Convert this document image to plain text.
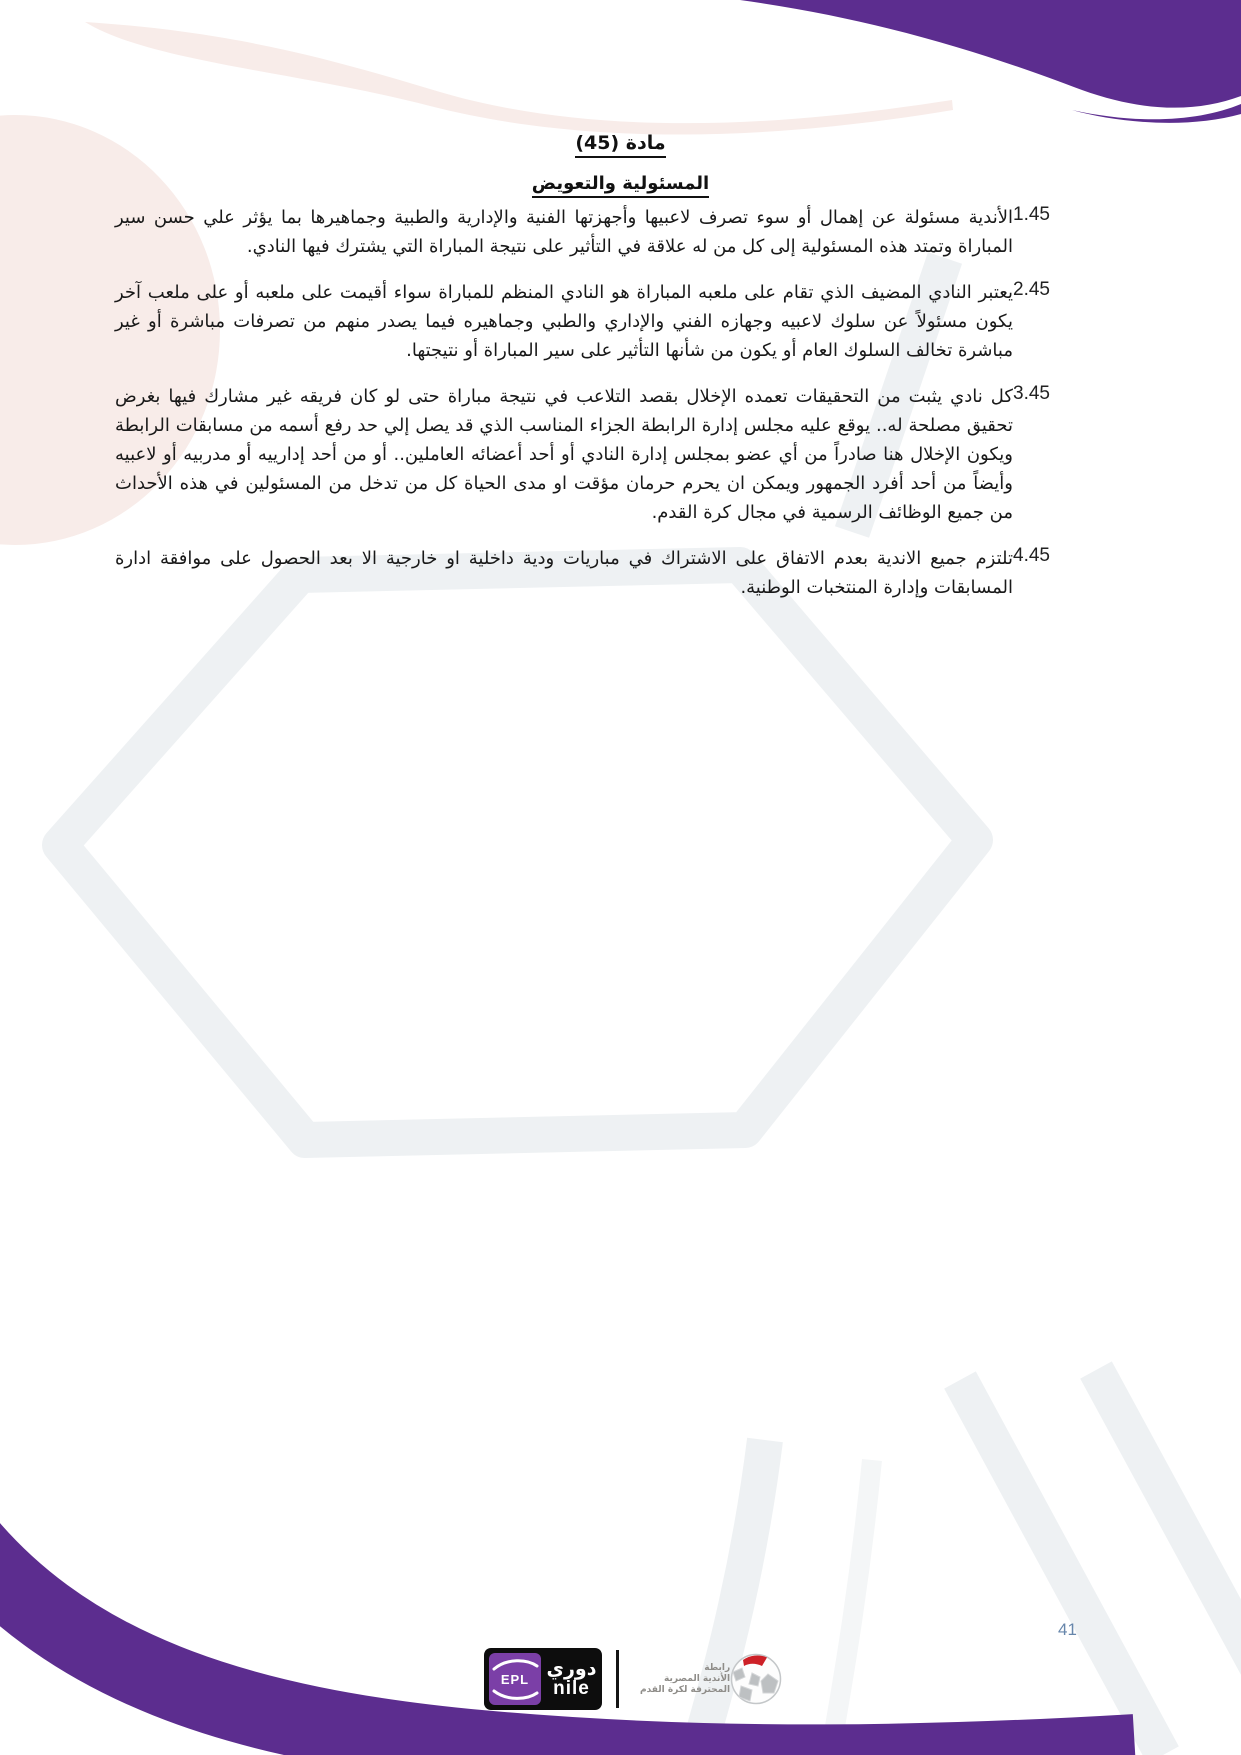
مادة (45)
المسئولية والتعويض
1.45

الأندية مسئولة عن إهمال أو سوء تصرف لاعبيها وأجهزتها الفنية والإدارية والطبية وجماهيرها بما يؤثر علي حسن سير المباراة وتمتد هذه المسئولية إلى كل من له علاقة في التأثير على نتيجة المباراة التي يشترك فيها النادي.

2.45

يعتبر النادي المضيف الذي تقام على ملعبه المباراة هو النادي المنظم للمباراة سواء أقيمت على ملعبه أو على ملعب آخر يكون مسئولاً عن سلوك لاعبيه وجهازه الفني والإداري والطبي وجماهيره فيما يصدر منهم من تصرفات مباشرة أو غير مباشرة تخالف السلوك العام أو يكون من شأنها التأثير على سير المباراة أو نتيجتها.

3.45

كل نادي يثبت من التحقيقات تعمده الإخلال بقصد التلاعب في نتيجة مباراة حتى لو كان فريقه غير مشارك فيها بغرض تحقيق مصلحة له.. يوقع عليه مجلس إدارة الرابطة الجزاء المناسب الذي قد يصل إلي حد رفع أسمه من مسابقات الرابطة ويكون الإخلال هنا صادراً من أي عضو بمجلس إدارة النادي أو أحد أعضائه العاملين.. أو من أحد إدارييه أو مدربيه أو لاعبيه وأيضاً من أحد أفرد الجمهور ويمكن ان يحرم حرمان مؤقت او مدى الحياة كل من تدخل من المسئولين في هذه الأحداث من جميع الوظائف الرسمية في مجال كرة القدم.

4.45

تلتزم جميع الاندية بعدم الاتفاق على الاشتراك في مباريات ودية داخلية او خارجية الا بعد الحصول على موافقة ادارة المسابقات وإدارة المنتخبات الوطنية.

41
EPL دوري
nile
رابطة
الأندية المصرية
المحترفة لكرة القدم
